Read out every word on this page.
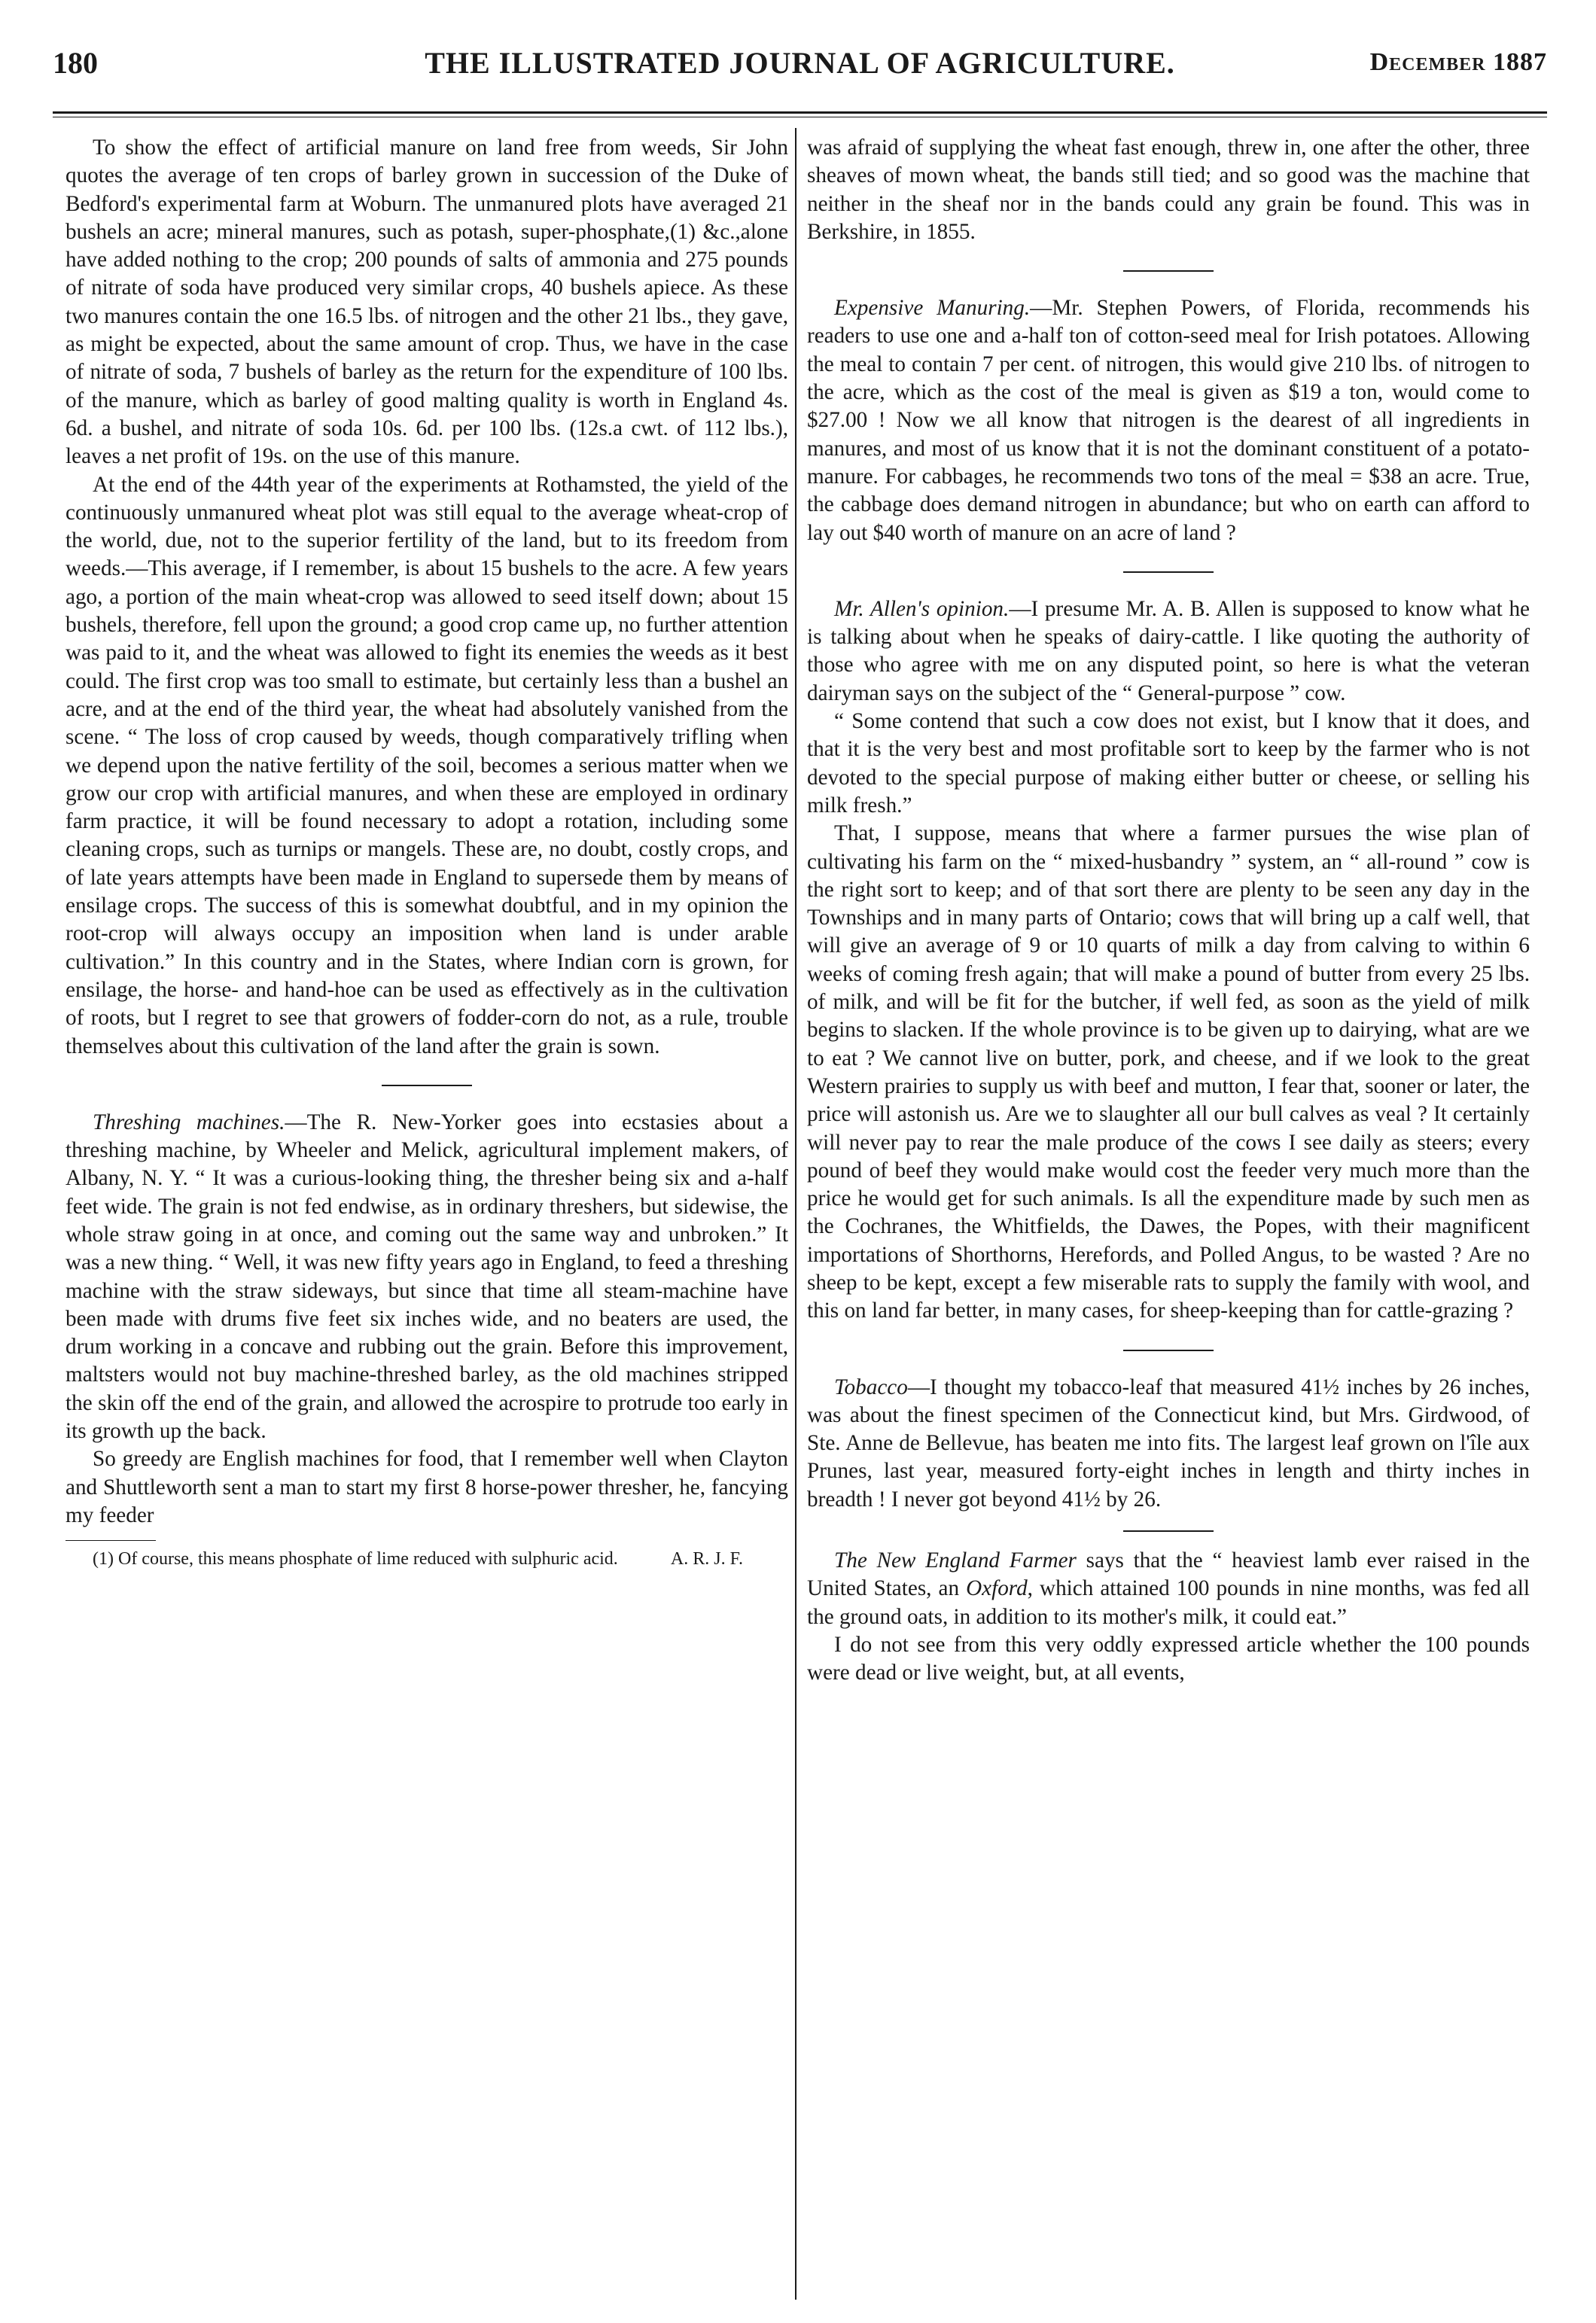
180	THE ILLUSTRATED JOURNAL OF AGRICULTURE.	December 1887

To show the effect of artificial manure on land free from weeds, Sir John quotes the average of ten crops of barley grown in succession of the Duke of Bedford's experimental farm at Woburn. The unmanured plots have averaged 21 bushels an acre; mineral manures, such as potash, super-phosphate,(1) &c.,alone have added nothing to the crop; 200 pounds of salts of ammonia and 275 pounds of nitrate of soda have produced very similar crops, 40 bushels apiece. As these two manures contain the one 16.5 lbs. of nitrogen and the other 21 lbs., they gave, as might be expected, about the same amount of crop. Thus, we have in the case of nitrate of soda, 7 bushels of barley as the return for the expenditure of 100 lbs. of the manure, which as barley of good malting quality is worth in England 4s. 6d. a bushel, and nitrate of soda 10s. 6d. per 100 lbs. (12s.a cwt. of 112 lbs.), leaves a net profit of 19s. on the use of this manure.

At the end of the 44th year of the experiments at Rothamsted, the yield of the continuously unmanured wheat plot was still equal to the average wheat-crop of the world, due, not to the superior fertility of the land, but to its freedom from weeds.—This average, if I remember, is about 15 bushels to the acre. A few years ago, a portion of the main wheat-crop was allowed to seed itself down; about 15 bushels, therefore, fell upon the ground; a good crop came up, no further attention was paid to it, and the wheat was allowed to fight its enemies the weeds as it best could. The first crop was too small to estimate, but certainly less than a bushel an acre, and at the end of the third year, the wheat had absolutely vanished from the scene. “ The loss of crop caused by weeds, though comparatively trifling when we depend upon the native fertility of the soil, becomes a serious matter when we grow our crop with artificial manures, and when these are employed in ordinary farm practice, it will be found necessary to adopt a rotation, including some cleaning crops, such as turnips or mangels. These are, no doubt, costly crops, and of late years attempts have been made in England to supersede them by means of ensilage crops. The success of this is somewhat doubtful, and in my opinion the root-crop will always occupy an imposition when land is under arable cultivation.” In this country and in the States, where Indian corn is grown, for ensilage, the horse- and hand-hoe can be used as effectively as in the cultivation of roots, but I regret to see that growers of fodder-corn do not, as a rule, trouble themselves about this cultivation of the land after the grain is sown.

Threshing machines.—The R. New-Yorker goes into ecstasies about a threshing machine, by Wheeler and Melick, agricultural implement makers, of Albany, N. Y. “ It was a curious-looking thing, the thresher being six and a-half feet wide. The grain is not fed endwise, as in ordinary threshers, but sidewise, the whole straw going in at once, and coming out the same way and unbroken.” It was a new thing. “ Well, it was new fifty years ago in England, to feed a threshing machine with the straw sideways, but since that time all steam-machine have been made with drums five feet six inches wide, and no beaters are used, the drum working in a concave and rubbing out the grain. Before this improvement, maltsters would not buy machine-threshed barley, as the old machines stripped the skin off the end of the grain, and allowed the acrospire to protrude too early in its growth up the back.

So greedy are English machines for food, that I remember well when Clayton and Shuttleworth sent a man to start my first 8 horse-power thresher, he, fancying my feeder

(1) Of course, this means phosphate of lime reduced with sulphuric acid.	A. R. J. F.

was afraid of supplying the wheat fast enough, threw in, one after the other, three sheaves of mown wheat, the bands still tied; and so good was the machine that neither in the sheaf nor in the bands could any grain be found. This was in Berkshire, in 1855.

Expensive Manuring.—Mr. Stephen Powers, of Florida, recommends his readers to use one and a-half ton of cotton-seed meal for Irish potatoes. Allowing the meal to contain 7 per cent. of nitrogen, this would give 210 lbs. of nitrogen to the acre, which as the cost of the meal is given as $19 a ton, would come to $27.00 ! Now we all know that nitrogen is the dearest of all ingredients in manures, and most of us know that it is not the dominant constituent of a potato-manure. For cabbages, he recommends two tons of the meal = $38 an acre. True, the cabbage does demand nitrogen in abundance; but who on earth can afford to lay out $40 worth of manure on an acre of land ?

Mr. Allen's opinion.—I presume Mr. A. B. Allen is supposed to know what he is talking about when he speaks of dairy-cattle. I like quoting the authority of those who agree with me on any disputed point, so here is what the veteran dairyman says on the subject of the “ General-purpose ” cow.

“ Some contend that such a cow does not exist, but I know that it does, and that it is the very best and most profitable sort to keep by the farmer who is not devoted to the special purpose of making either butter or cheese, or selling his milk fresh.”

That, I suppose, means that where a farmer pursues the wise plan of cultivating his farm on the “ mixed-husbandry ” system, an “ all-round ” cow is the right sort to keep; and of that sort there are plenty to be seen any day in the Townships and in many parts of Ontario; cows that will bring up a calf well, that will give an average of 9 or 10 quarts of milk a day from calving to within 6 weeks of coming fresh again; that will make a pound of butter from every 25 lbs. of milk, and will be fit for the butcher, if well fed, as soon as the yield of milk begins to slacken. If the whole province is to be given up to dairying, what are we to eat ? We cannot live on butter, pork, and cheese, and if we look to the great Western prairies to supply us with beef and mutton, I fear that, sooner or later, the price will astonish us. Are we to slaughter all our bull calves as veal ? It certainly will never pay to rear the male produce of the cows I see daily as steers; every pound of beef they would make would cost the feeder very much more than the price he would get for such animals. Is all the expenditure made by such men as the Cochranes, the Whitfields, the Dawes, the Popes, with their magnificent importations of Shorthorns, Herefords, and Polled Angus, to be wasted ? Are no sheep to be kept, except a few miserable rats to supply the family with wool, and this on land far better, in many cases, for sheep-keeping than for cattle-grazing ?

Tobacco—I thought my tobacco-leaf that measured 41½ inches by 26 inches, was about the finest specimen of the Connecticut kind, but Mrs. Girdwood, of Ste. Anne de Bellevue, has beaten me into fits. The largest leaf grown on l'île aux Prunes, last year, measured forty-eight inches in length and thirty inches in breadth ! I never got beyond 41½ by 26.

The New England Farmer says that the “ heaviest lamb ever raised in the United States, an Oxford, which attained 100 pounds in nine months, was fed all the ground oats, in addition to its mother's milk, it could eat.”

I do not see from this very oddly expressed article whether the 100 pounds were dead or live weight, but, at all events,
